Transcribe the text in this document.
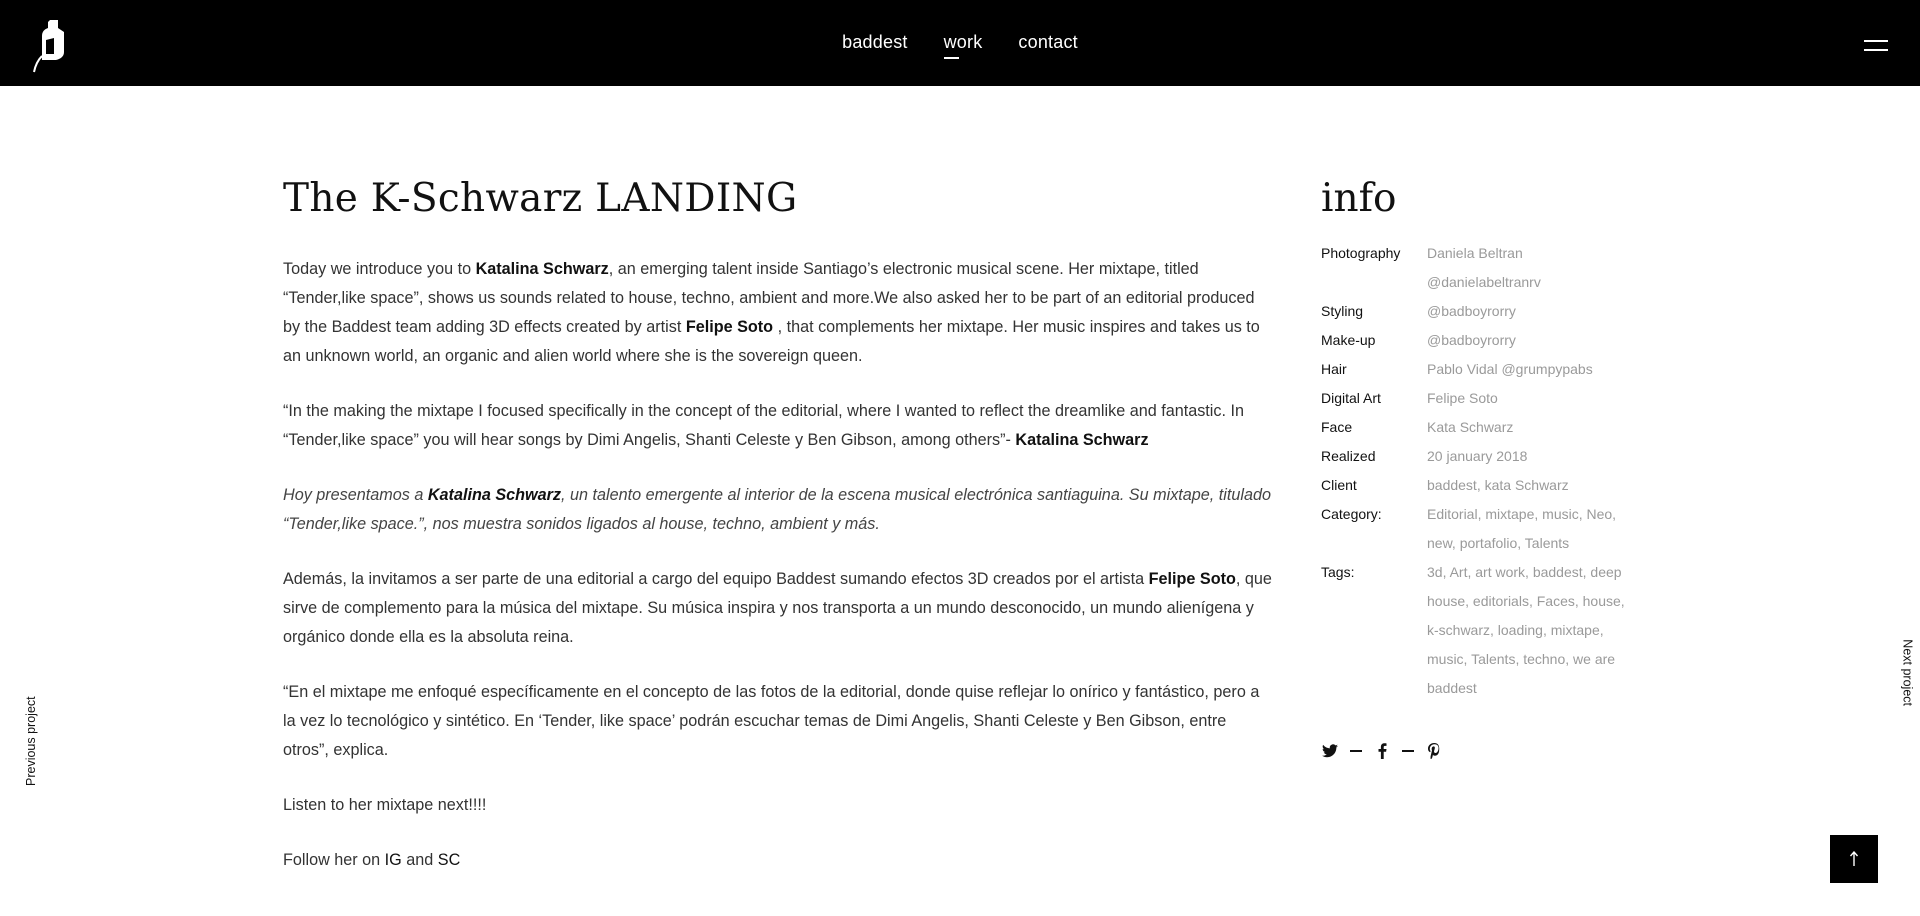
baddest work contact
The K-Schwarz LANDING

Today we introduce you to Katalina Schwarz, an emerging talent inside Santiago’s electronic musical scene. Her mixtape, titled “Tender,like space”, shows us sounds related to house, techno, ambient and more.We also asked her to be part of an editorial produced by the Baddest team adding 3D effects created by artist Felipe Soto , that complements her mixtape. Her music inspires and takes us to an unknown world, an organic and alien world where she is the sovereign queen.

“In the making the mixtape I focused specifically in the concept of the editorial, where I wanted to reflect the dreamlike and fantastic. In “Tender,like space” you will hear songs by Dimi Angelis, Shanti Celeste y Ben Gibson, among others”- Katalina Schwarz

Hoy presentamos a Katalina Schwarz, un talento emergente al interior de la escena musical electrónica santiaguina. Su mixtape, titulado “Tender,like space.”, nos muestra sonidos ligados al house, techno, ambient y más.

Además, la invitamos a ser parte de una editorial a cargo del equipo Baddest sumando efectos 3D creados por el artista Felipe Soto, que sirve de complemento para la música del mixtape. Su música inspira y nos transporta a un mundo desconocido, un mundo alienígena y orgánico donde ella es la absoluta reina.

“En el mixtape me enfoqué específicamente en el concepto de las fotos de la editorial, donde quise reflejar lo onírico y fantástico, pero a la vez lo tecnológico y sintético. En ‘Tender, like space’ podrán escuchar temas de Dimi Angelis, Shanti Celeste y Ben Gibson, entre otros”, explica.

Listen to her mixtape next!!!!

Follow her on IG and SC

info
Photography	Daniela Beltran @danielabeltranrv
Styling	@badboyrorry
Make-up	@badboyrorry
Hair	Pablo Vidal @grumpypabs
Digital Art	Felipe Soto
Face	Kata Schwarz
Realized	20 january 2018
Client	baddest, kata Schwarz
Category:	Editorial, mixtape, music, Neo, new, portafolio, Talents
Tags:	3d, Art, art work, baddest, deep house, editorials, Faces, house, k-schwarz, loading, mixtape, music, Talents, techno, we are baddest
Previous project
Next project
